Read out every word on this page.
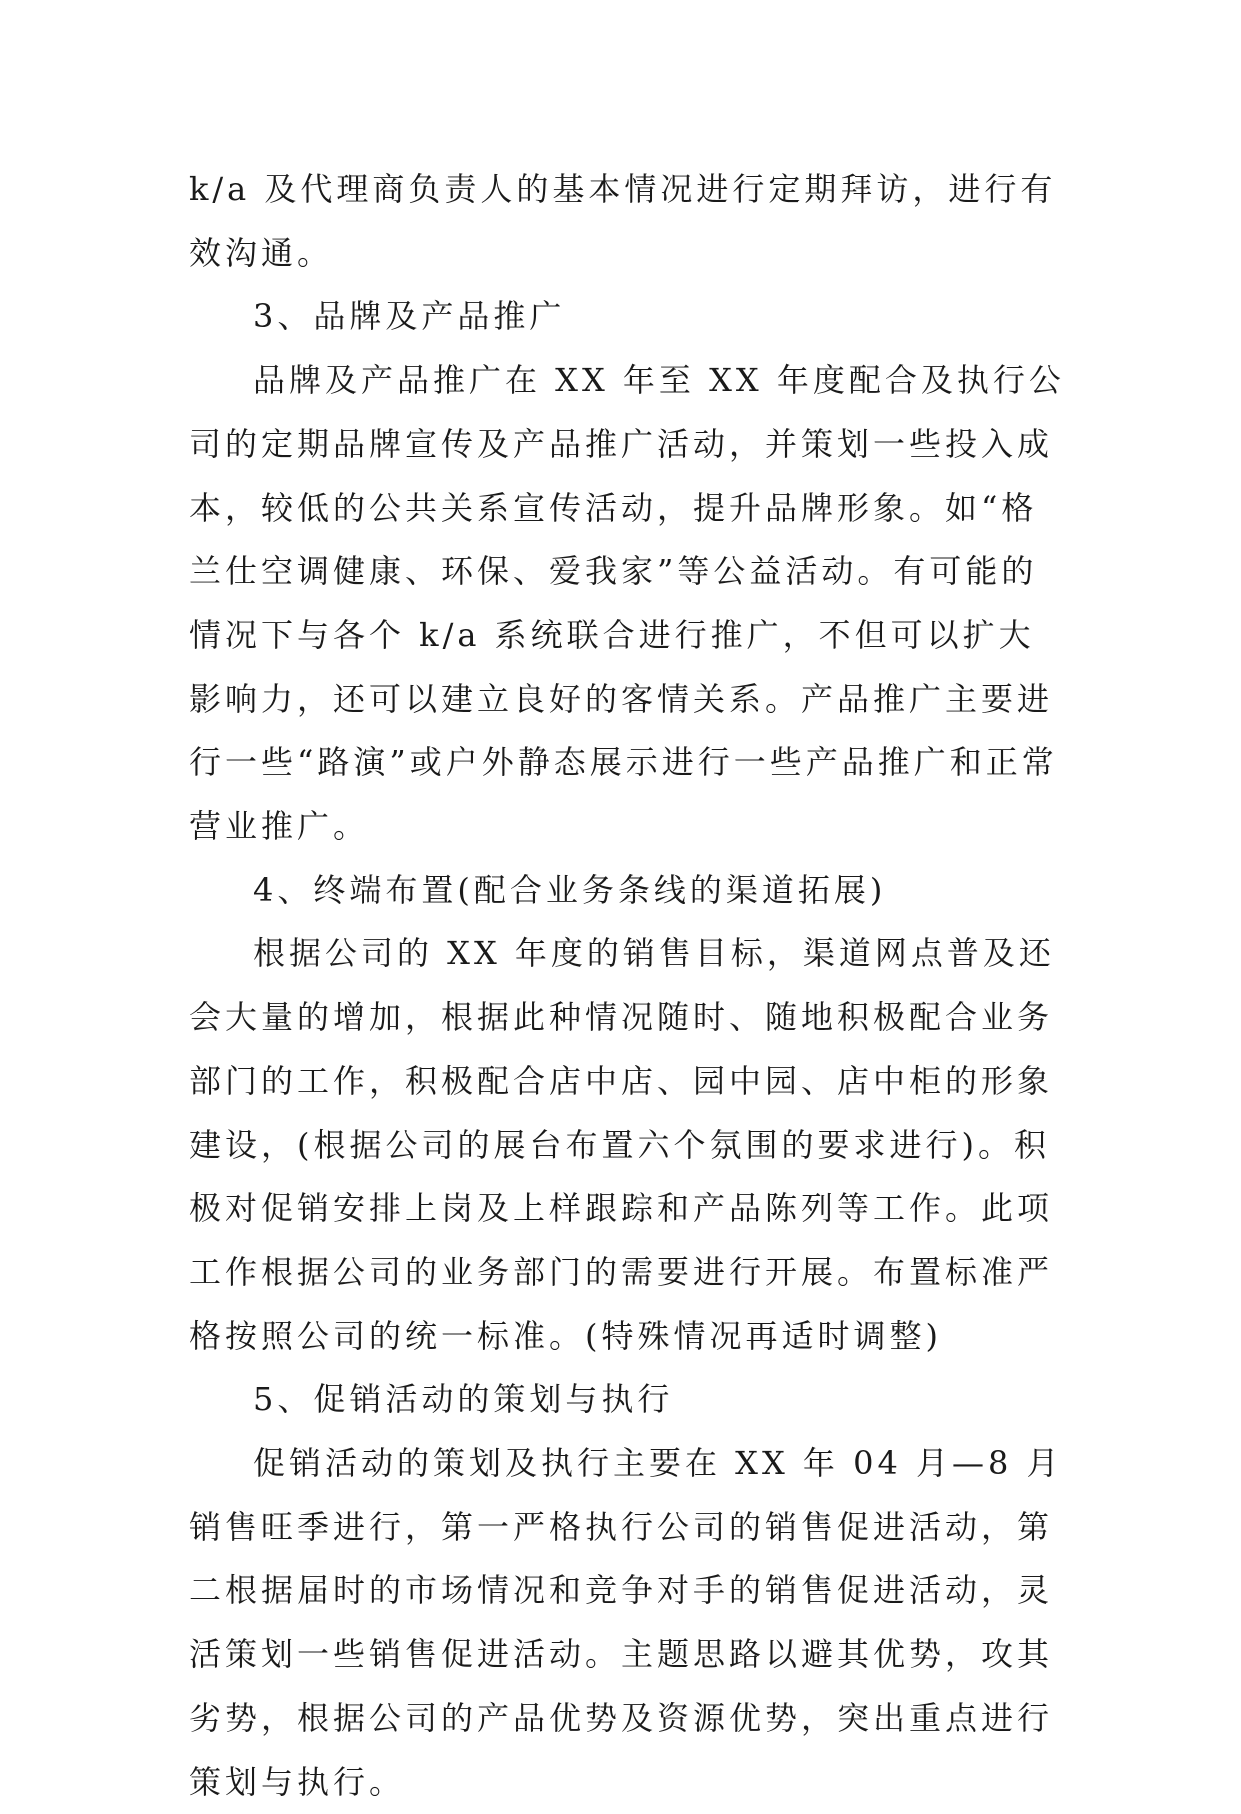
k/a 及代理商负责人的基本情况进行定期拜访，进行有效沟通。

3、品牌及产品推广

品牌及产品推广在 XX 年至 XX 年度配合及执行公司的定期品牌宣传及产品推广活动，并策划一些投入成本，较低的公共关系宣传活动，提升品牌形象。如“格兰仕空调健康、环保、爱我家”等公益活动。有可能的情况下与各个 k/a 系统联合进行推广，不但可以扩大影响力，还可以建立良好的客情关系。产品推广主要进行一些“路演”或户外静态展示进行一些产品推广和正常营业推广。

4、终端布置(配合业务条线的渠道拓展)

根据公司的 XX 年度的销售目标，渠道网点普及还会大量的增加，根据此种情况随时、随地积极配合业务部门的工作，积极配合店中店、园中园、店中柜的形象建设，(根据公司的展台布置六个氛围的要求进行)。积极对促销安排上岗及上样跟踪和产品陈列等工作。此项工作根据公司的业务部门的需要进行开展。布置标准严格按照公司的统一标准。(特殊情况再适时调整)

5、促销活动的策划与执行

促销活动的策划及执行主要在 XX 年 04 月—8 月销售旺季进行，第一严格执行公司的销售促进活动，第二根据届时的市场情况和竞争对手的销售促进活动，灵活策划一些销售促进活动。主题思路以避其优势，攻其劣势，根据公司的产品优势及资源优势，突出重点进行策划与执行。
